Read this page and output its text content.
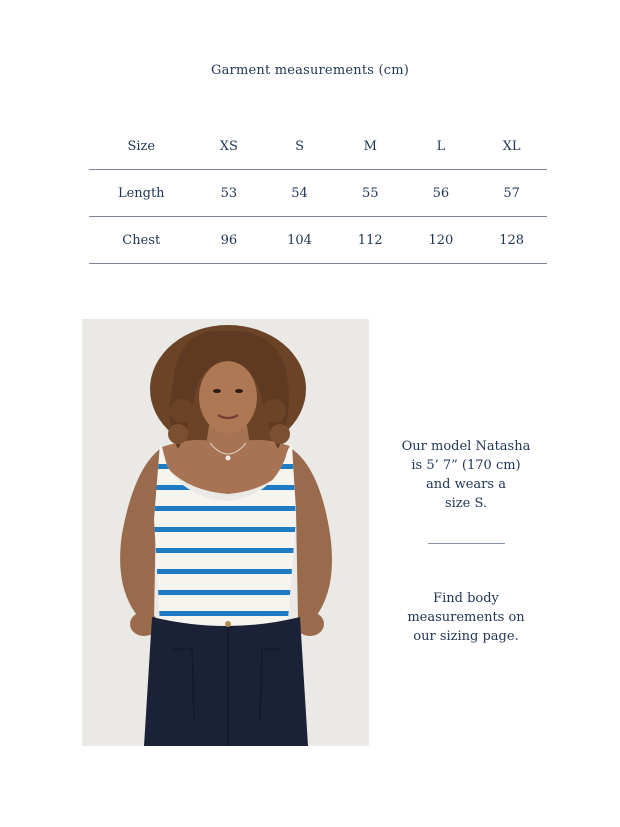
Garment measurements (cm)
Size	XS	S	M	L	XL
Length	53	54	55	56	57
Chest	96	104	112	120	128
Our model Natasha
is 5’ 7” (170 cm)
and wears a
size S.
Find body
measurements on
our sizing page.
